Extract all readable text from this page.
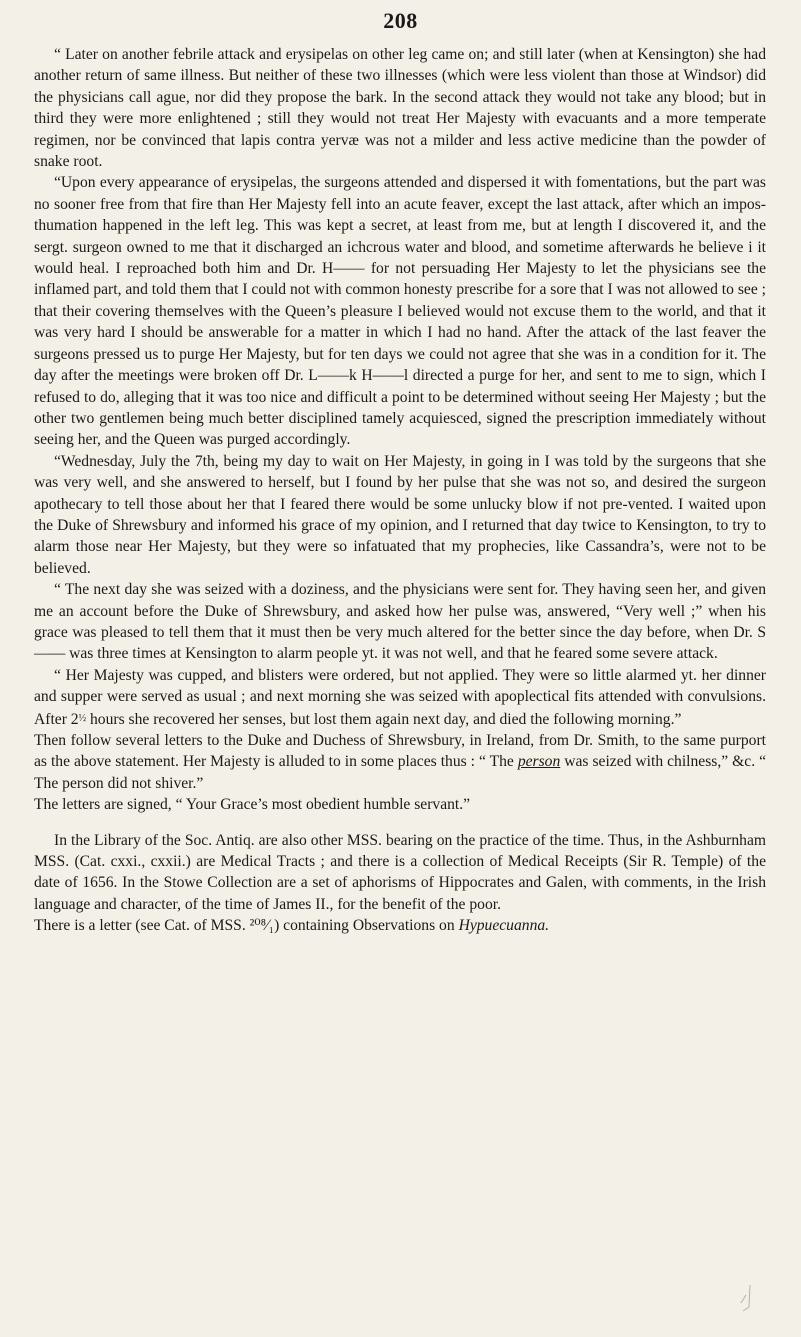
208

“ Later on another febrile attack and erysipelas on other leg came on; and still later (when at Kensington) she had another return of same illness. But neither of these two illnesses (which were less violent than those at Windsor) did the physicians call ague, nor did they propose the bark. In the second attack they would not take any blood; but in third they were more enlightened ; still they would not treat Her Majesty with evacuants and a more temperate regimen, nor be convinced that lapis contra yervæ was not a milder and less active medicine than the powder of snake root.

“Upon every appearance of erysipelas, the surgeons attended and dispersed it with fomentations, but the part was no sooner free from that fire than Her Majesty fell into an acute feaver, except the last attack, after which an impos-thumation happened in the left leg. This was kept a secret, at least from me, but at length I discovered it, and the sergt. surgeon owned to me that it discharged an ichcrous water and blood, and sometime afterwards he believe i it would heal. I reproached both him and Dr. H—— for not persuading Her Majesty to let the physicians see the inflamed part, and told them that I could not with common honesty prescribe for a sore that I was not allowed to see ; that their covering themselves with the Queen’s pleasure I believed would not excuse them to the world, and that it was very hard I should be answerable for a matter in which I had no hand. After the attack of the last feaver the surgeons pressed us to purge Her Majesty, but for ten days we could not agree that she was in a condition for it. The day after the meetings were broken off Dr. L——k H——l directed a purge for her, and sent to me to sign, which I refused to do, alleging that it was too nice and difficult a point to be determined without seeing Her Majesty ; but the other two gentlemen being much better disciplined tamely acquiesced, signed the prescription immediately without seeing her, and the Queen was purged accordingly.

“Wednesday, July the 7th, being my day to wait on Her Majesty, in going in I was told by the surgeons that she was very well, and she answered to herself, but I found by her pulse that she was not so, and desired the surgeon apothecary to tell those about her that I feared there would be some unlucky blow if not pre-vented. I waited upon the Duke of Shrewsbury and informed his grace of my opinion, and I returned that day twice to Kensington, to try to alarm those near Her Majesty, but they were so infatuated that my prophecies, like Cassandra’s, were not to be believed.

“ The next day she was seized with a doziness, and the physicians were sent for. They having seen her, and given me an account before the Duke of Shrewsbury, and asked how her pulse was, answered, “Very well ;” when his grace was pleased to tell them that it must then be very much altered for the better since the day before, when Dr. S—— was three times at Kensington to alarm people yt. it was not well, and that he feared some severe attack.

“ Her Majesty was cupped, and blisters were ordered, but not applied. They were so little alarmed yt. her dinner and supper were served as usual ; and next morning she was seized with apoplectical fits attended with convulsions. After 2½ hours she recovered her senses, but lost them again next day, and died the following morning.”

Then follow several letters to the Duke and Duchess of Shrewsbury, in Ireland, from Dr. Smith, to the same purport as the above statement. Her Majesty is alluded to in some places thus : “ The person was seized with chilness,” &c. “ The person did not shiver.”

The letters are signed, “ Your Grace’s most obedient humble servant.”

In the Library of the Soc. Antiq. are also other MSS. bearing on the practice of the time. Thus, in the Ashburnham MSS. (Cat. cxxi., cxxii.) are Medical Tracts ; and there is a collection of Medical Receipts (Sir R. Temple) of the date of 1656. In the Stowe Collection are a set of aphorisms of Hippocrates and Galen, with comments, in the Irish language and character, of the time of James II., for the benefit of the poor.

There is a letter (see Cat. of MSS. ²⁰⁸⁄₁) containing Observations on Hypuecuanna.
